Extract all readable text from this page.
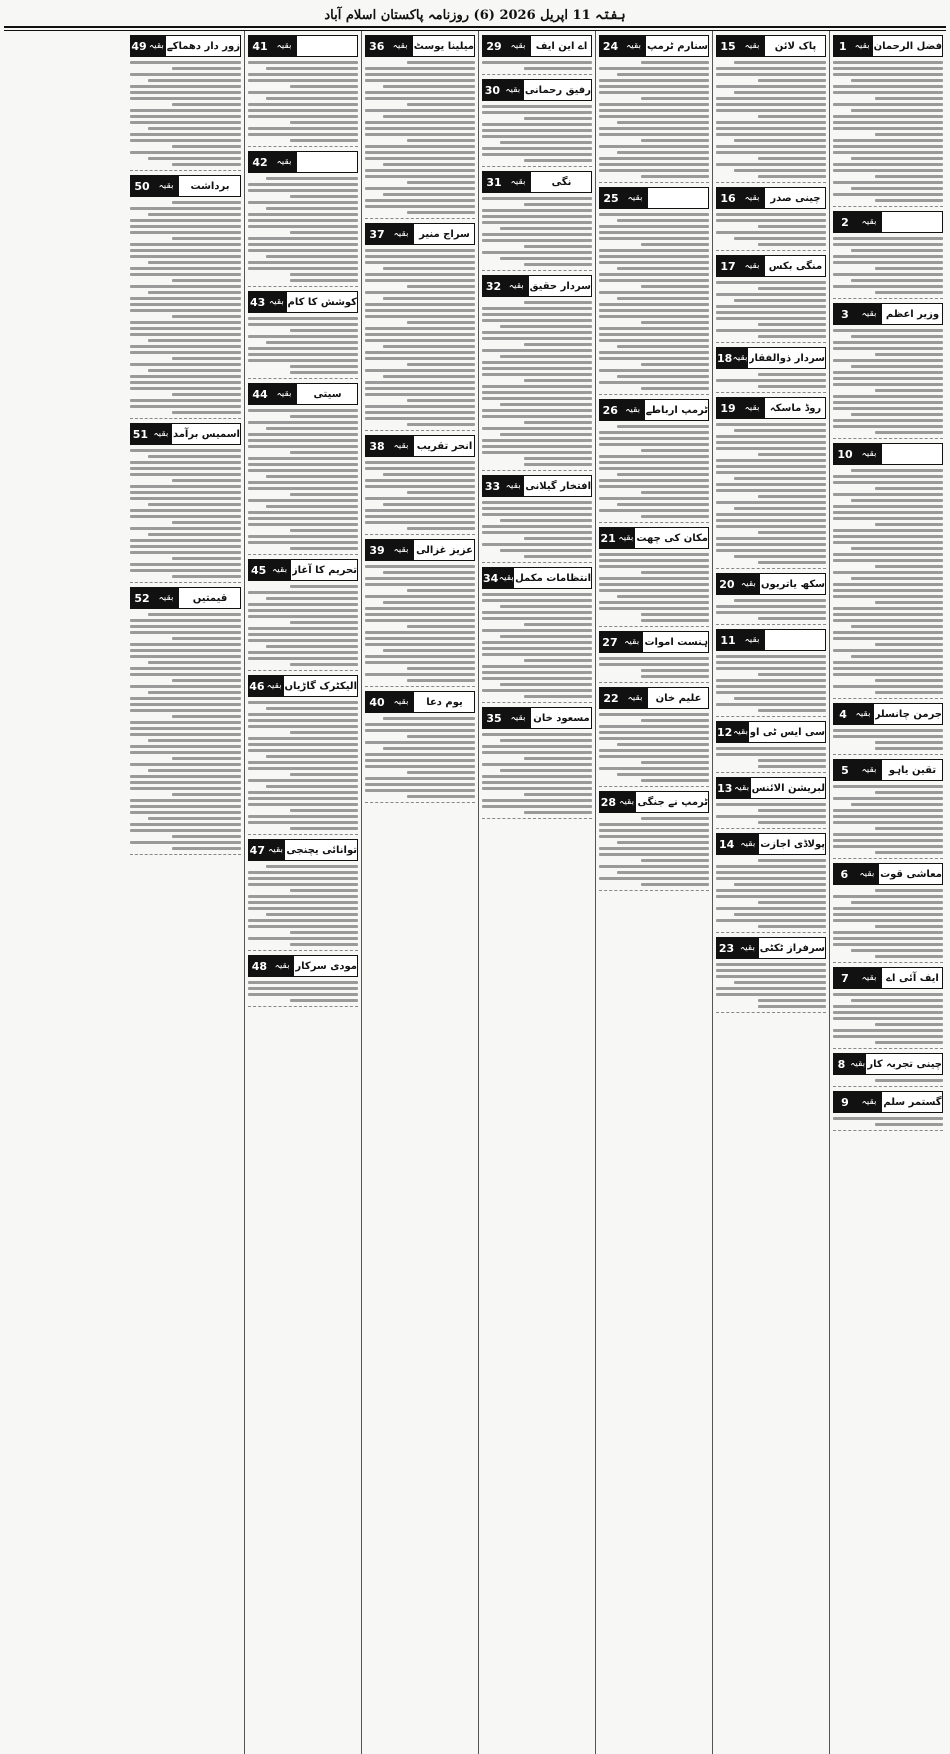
ہفتہ 11 اپریل 2026 (6) روزنامہ پاکستان اسلام آباد
1 بقیہ فضل الرحمان
2	بقیہ
3	بقیہ وزیر اعظم
10 بقیہ
4 بقیہ جرمن چانسلر
5	بقیہ	تقین یاہو
6	بقیہ معاشی قوت
7	بقیہ ایف آئی اے
8 بقیہ چینی تجربہ کار
9	بقیہ گستمر سلم
15 بقیہ	پاک لائن
16 بقیہ	چینی صدر
17 بقیہ منگی بکس
18 بقیہ سردار ذوالفقار
19 بقیہ	روڈ ماسکہ
20 بقیہ سکھ یاتریوں
11 بقیہ
12 بقیہ سی ایس ٹی او
13 بقیہ لبریشن الائنس
14 بقیہ پولاڈی اجازت
23 بقیہ سرفراز ٹکٹی
24 بقیہ سنارم ٹرمپ
25 بقیہ
26 بقیہ ٹرمپ ارباطے
21 بقیہ مکان کی چھت
27 بقیہ ہنست اموات
22 بقیہ	علیم خان
28 بقیہ ٹرمپ نے جنگی
29 بقیہ	اے این ایف
30 بقیہ رفیق رحمانی
31 بقیہ	نگی
32 بقیہ سردار حقیق
33 بقیہ افتخار گیلانی
34 بقیہ انتظامات مکمل
35 بقیہ مسعود خان
36 بقیہ میلینا یوسٹ
37 بقیہ	سراج منیر
38 بقیہ انحر تقریب
39 بقیہ عزیز غزالی
40 بقیہ	یوم دعا
41 بقیہ
42 بقیہ
43 بقیہ کوشش کا کام
44 بقیہ	سیتی
45 بقیہ تحریم کا آغاز
46 بقیہ الیکٹرک گاڑیاں
47 بقیہ توانائی یچنجی
48 بقیہ مودی سرکار
49 بقیہ زور دار دھماکے
50 بقیہ	برداشت
51 بقیہ اسمیس برآمد
52 بقیہ	قیمتیں
